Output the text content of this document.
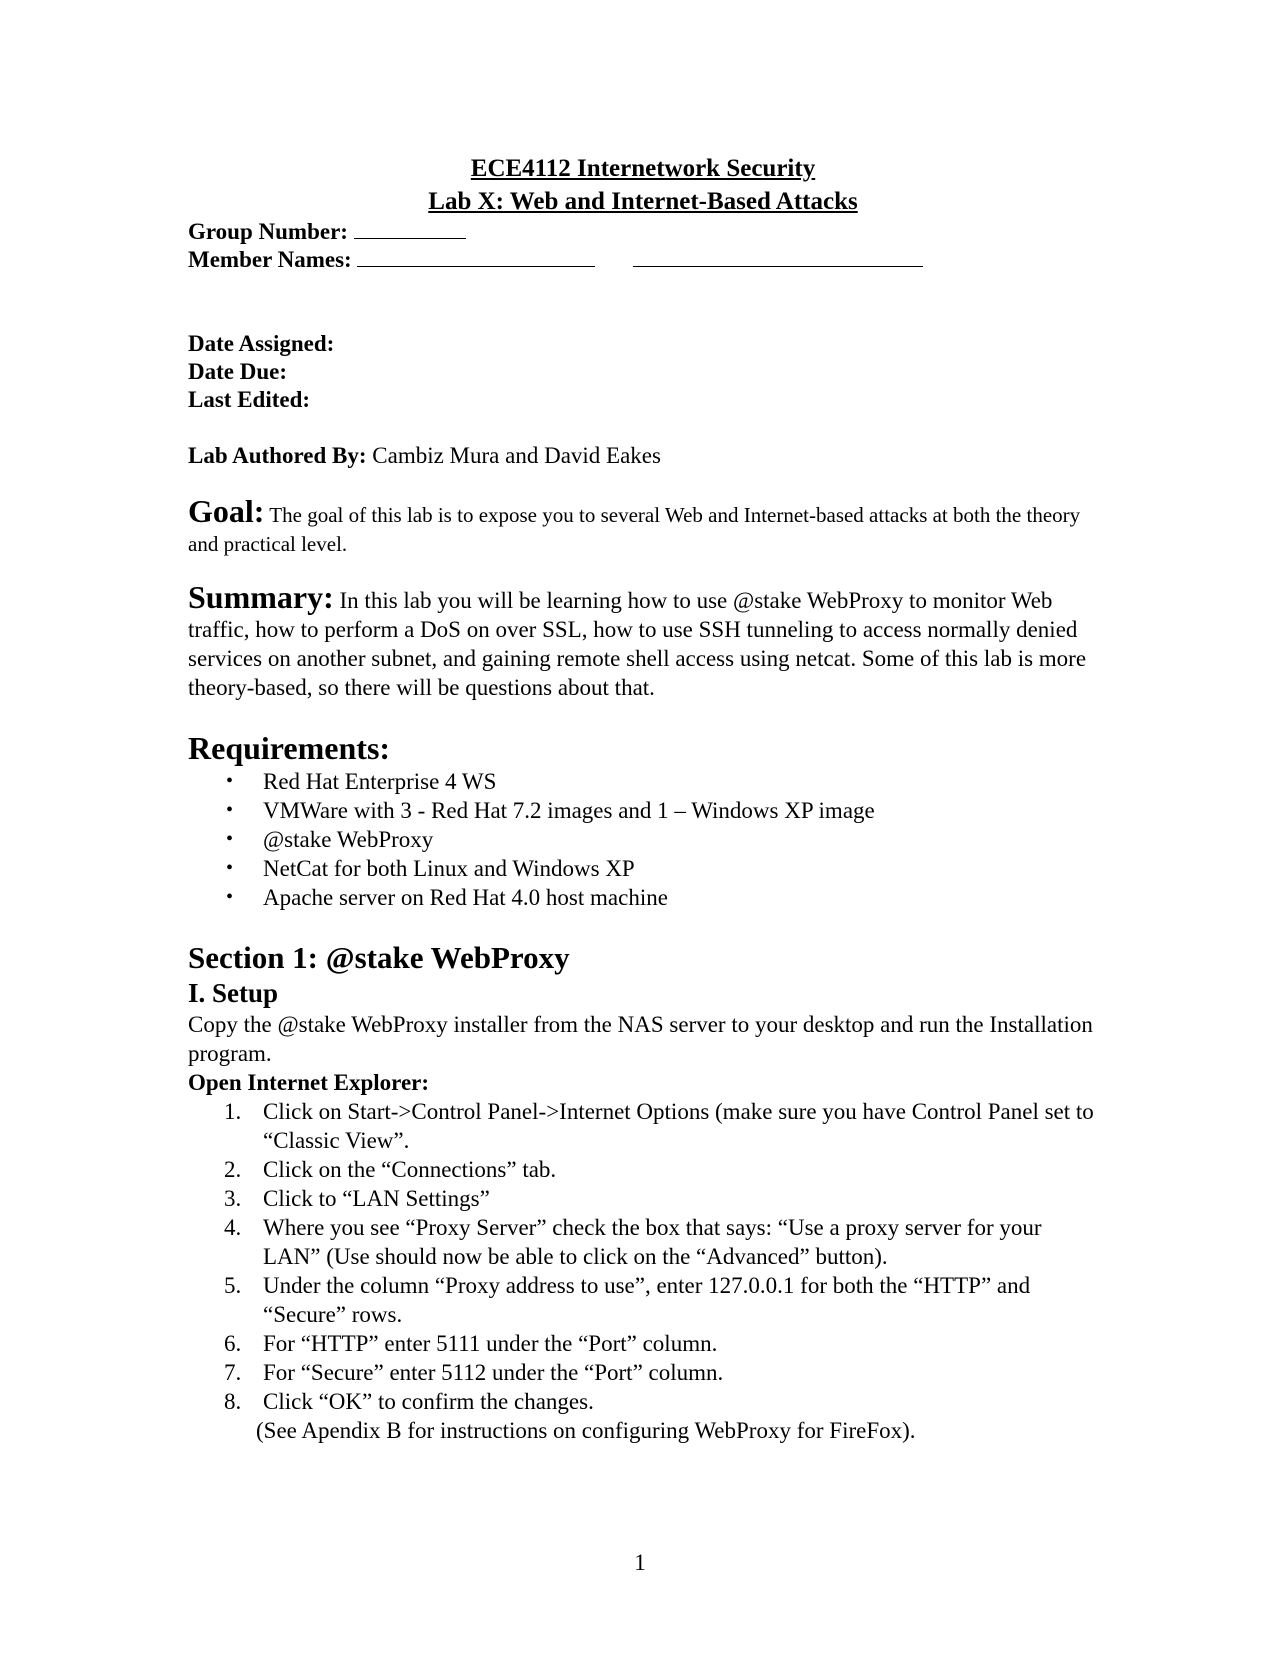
ECE4112 Internetwork Security
Lab X: Web and Internet-Based Attacks
Group Number:
Member Names:
Date Assigned:
Date Due:
Last Edited:
Lab Authored By: Cambiz Mura and David Eakes
Goal: The goal of this lab is to expose you to several Web and Internet-based attacks at both the theory and practical level.
Summary: In this lab you will be learning how to use @stake WebProxy to monitor Web traffic, how to perform a DoS on over SSL, how to use SSH tunneling to access normally denied services on another subnet, and gaining remote shell access using netcat. Some of this lab is more theory-based, so there will be questions about that.
Requirements:
• Red Hat Enterprise 4 WS
• VMWare with 3 - Red Hat 7.2 images and 1 – Windows XP image
• @stake WebProxy
• NetCat for both Linux and Windows XP
• Apache server on Red Hat 4.0 host machine
Section 1: @stake WebProxy
I. Setup
Copy the @stake WebProxy installer from the NAS server to your desktop and run the Installation program.
Open Internet Explorer:
1. Click on Start->Control Panel->Internet Options (make sure you have Control Panel set to “Classic View”.
2. Click on the “Connections” tab.
3. Click to “LAN Settings”
4. Where you see “Proxy Server” check the box that says: “Use a proxy server for your LAN” (Use should now be able to click on the “Advanced” button).
5. Under the column “Proxy address to use”, enter 127.0.0.1 for both the “HTTP” and “Secure” rows.
6. For “HTTP” enter 5111 under the “Port” column.
7. For “Secure” enter 5112 under the “Port” column.
8. Click “OK” to confirm the changes.
(See Apendix B for instructions on configuring WebProxy for FireFox).
1
